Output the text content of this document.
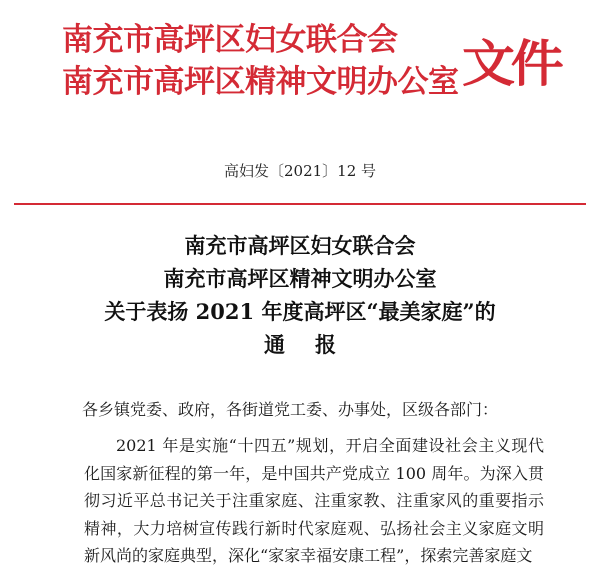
南充市高坪区妇女联合会
南充市高坪区精神文明办公室 文件
高妇发〔2021〕12 号
南充市高坪区妇女联合会
南充市高坪区精神文明办公室
关于表扬 2021 年度高坪区“最美家庭”的
通报
各乡镇党委、政府，各街道党工委、办事处，区级各部门：
2021 年是实施“十四五”规划，开启全面建设社会主义现代化国家新征程的第一年，是中国共产党成立 100 周年。为深入贯彻习近平总书记关于注重家庭、注重家教、注重家风的重要指示精神，大力培树宣传践行新时代家庭观、弘扬社会主义家庭文明新风尚的家庭典型，深化“家家幸福安康工程”，探索完善家庭文
